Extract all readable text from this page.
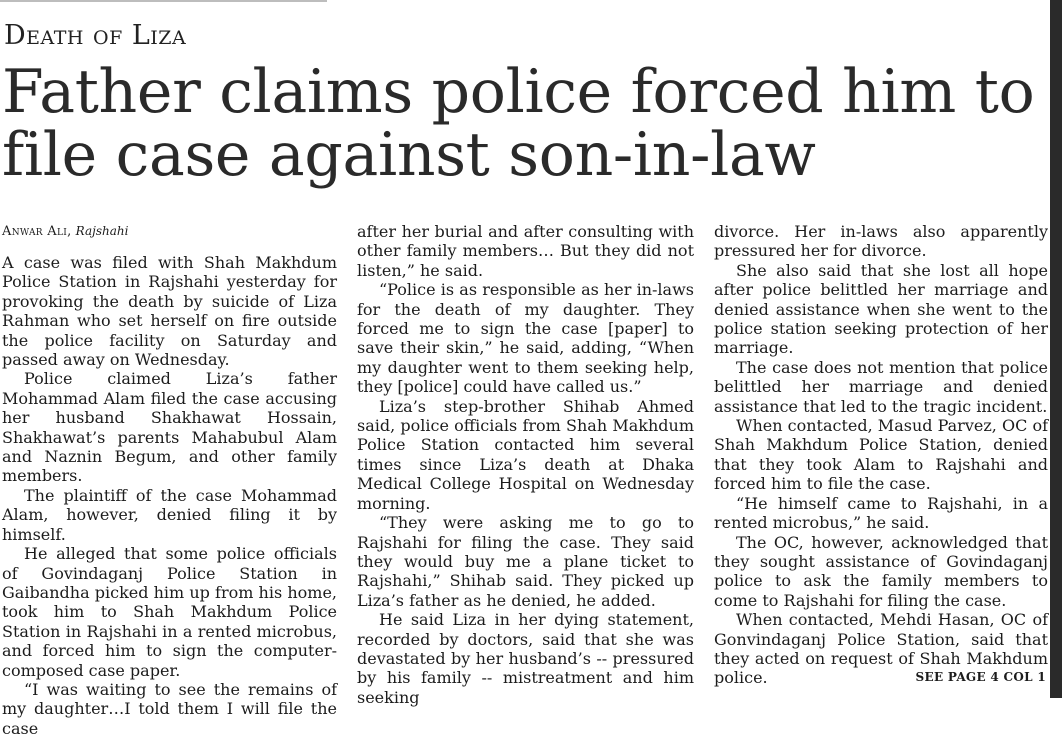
Death of Liza
Father claims police forced him to file case against son-in-law
Anwar Ali, Rajshahi

A case was filed with Shah Makhdum Police Station in Rajshahi yesterday for provoking the death by suicide of Liza Rahman who set herself on fire outside the police facility on Saturday and passed away on Wednesday.

Police claimed Liza’s father Mohammad Alam filed the case accusing her husband Shakhawat Hossain, Shakhawat’s parents Mahabubul Alam and Naznin Begum, and other family members.

The plaintiff of the case Mohammad Alam, however, denied filing it by himself.

He alleged that some police officials of Govindaganj Police Station in Gaibandha picked him up from his home, took him to Shah Makhdum Police Station in Rajshahi in a rented microbus, and forced him to sign the computer-composed case paper.

“I was waiting to see the remains of my daughter…I told them I will file the case

after her burial and after consulting with other family members… But they did not listen,” he said.

“Police is as responsible as her in-laws for the death of my daughter. They forced me to sign the case [paper] to save their skin,” he said, adding, “When my daughter went to them seeking help, they [police] could have called us.”

Liza’s step-brother Shihab Ahmed said, police officials from Shah Makhdum Police Station contacted him several times since Liza’s death at Dhaka Medical College Hospital on Wednesday morning.

“They were asking me to go to Rajshahi for filing the case. They said they would buy me a plane ticket to Rajshahi,” Shihab said. They picked up Liza’s father as he denied, he added.

He said Liza in her dying statement, recorded by doctors, said that she was devastated by her husband’s -- pressured by his family -- mistreatment and him seeking

divorce. Her in-laws also apparently pressured her for divorce.

She also said that she lost all hope after police belittled her marriage and denied assistance when she went to the police station seeking protection of her marriage.

The case does not mention that police belittled her marriage and denied assistance that led to the tragic incident.

When contacted, Masud Parvez, OC of Shah Makhdum Police Station, denied that they took Alam to Rajshahi and forced him to file the case.

“He himself came to Rajshahi, in a rented microbus,” he said.

The OC, however, acknowledged that they sought assistance of Govindaganj police to ask the family members to come to Rajshahi for filing the case.

When contacted, Mehdi Hasan, OC of Gonvindaganj Police Station, said that they acted on request of Shah Makhdum police.	SEE PAGE 4 COL 1
